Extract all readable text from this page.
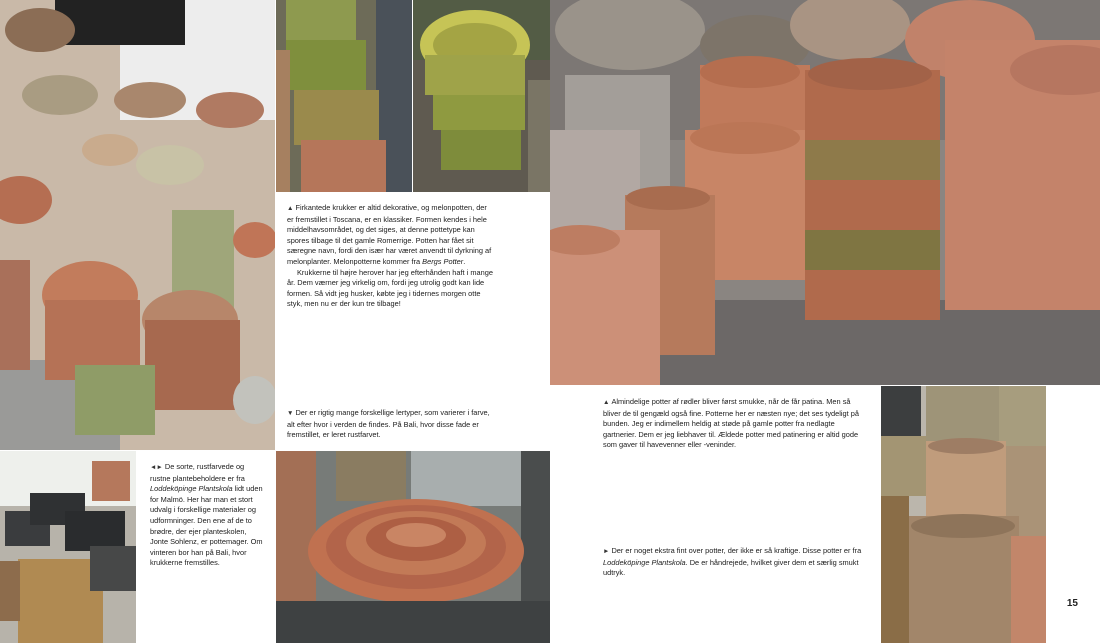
▲ Firkantede krukker er altid dekorative, og melonpotten, der er fremstillet i Toscana, er en klassiker. Formen kendes i hele middelhavsområdet, og det siges, at denne pottetype kan spores tilbage til det gamle Romerrige. Potten har fået sit særegne navn, fordi den især har været anvendt til dyrkning af melonplanter. Melonpotterne kommer fra Bergs Potter.

Krukkerne til højre herover har jeg efterhånden haft i mange år. Dem værner jeg virkelig om, fordi jeg utrolig godt kan lide formen. Så vidt jeg husker, købte jeg i tidernes morgen otte styk, men nu er der kun tre tilbage!

▼ Der er rigtig mange forskellige lertyper, som varierer i farve, alt efter hvor i verden de findes. På Bali, hvor disse fade er fremstillet, er leret rustfarvet.

◄► De sorte, rustfarvede og rustne plantebeholdere er fra Loddeköpinge Plantskola lidt uden for Malmö. Her har man et stort udvalg i forskellige materialer og udformninger. Den ene af de to brødre, der ejer planteskolen, Jonte Sohlenz, er pottemager. Om vinteren bor han på Bali, hvor krukkerne fremstilles.

▲ Almindelige potter af rødler bliver først smukke, når de får patina. Men så bliver de til gengæld også fine. Potterne her er næsten nye; det ses tydeligt på bunden. Jeg er indimellem heldig at støde på gamle potter fra nedlagte gartnerier. Dem er jeg liebhaver til. Ældede potter med patinering er altid gode som gaver til havevenner eller -veninder.

► Der er noget ekstra fint over potter, der ikke er så kraftige. Disse potter er fra Loddeköpinge Plantskola. De er håndrejede, hvilket giver dem et særlig smukt udtryk.

15
